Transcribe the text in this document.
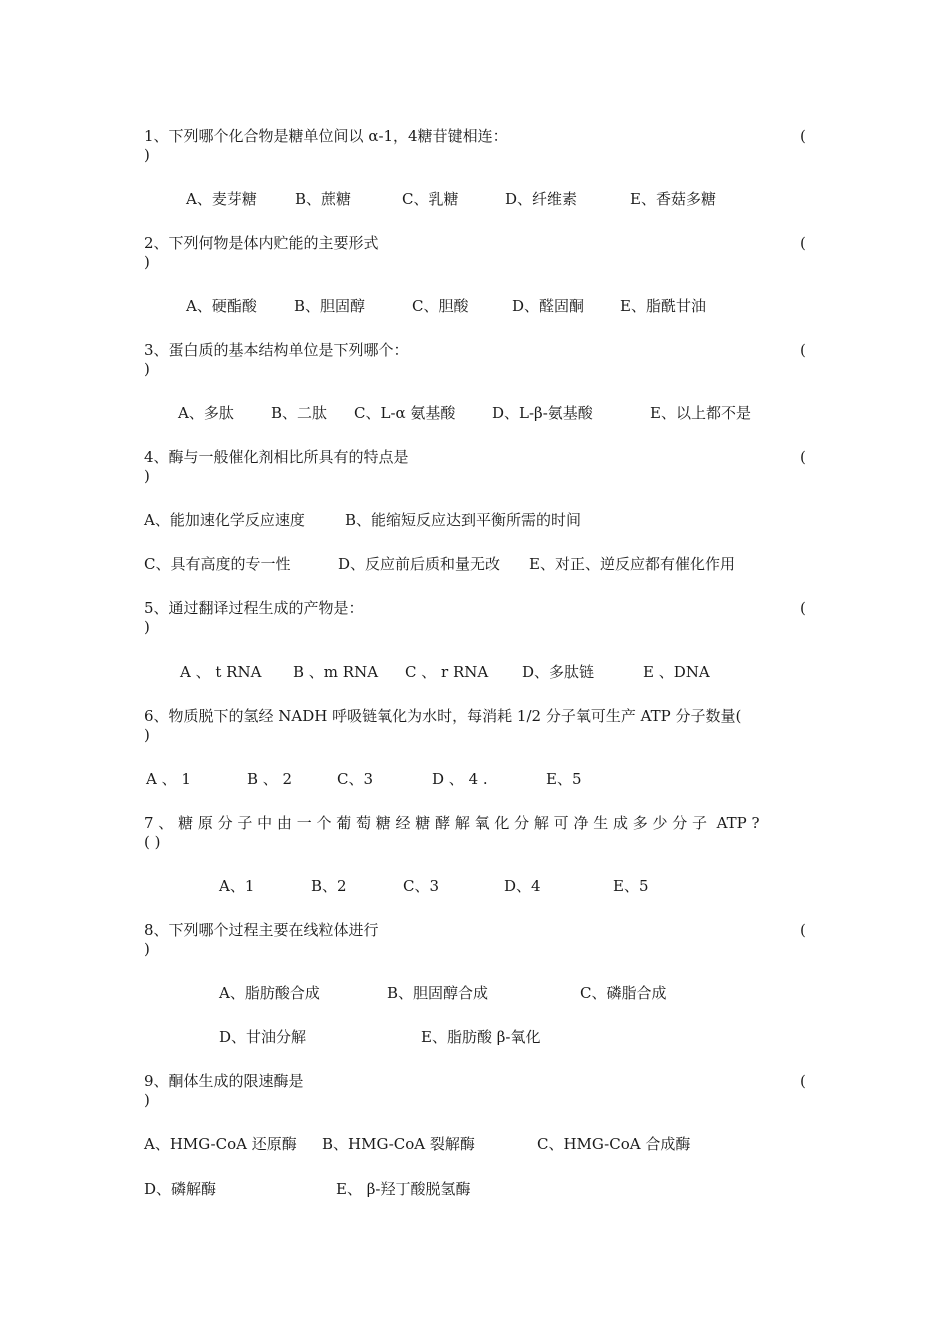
1、下列哪个化合物是糖单位间以 α-1，4糖苷键相连：	(
)
A、麦芽糖	B、蔗糖	C、乳糖	D、纤维素	E、香菇多糖
2、下列何物是体内贮能的主要形式	(
)
A、硬酯酸 B、胆固醇	C、胆酸	D、醛固酮 E、脂酰甘油
3、蛋白质的基本结构单位是下列哪个：	(
)
A、多肽 B、二肽 C、L-α 氨基酸 D、L-β-氨基酸	E、以上都不是
4、酶与一般催化剂相比所具有的特点是	(
)
A、能加速化学反应速度	B、能缩短反应达到平衡所需的时间
C、具有高度的专一性	D、反应前后质和量无改 E、对正、逆反应都有催化作用
5、通过翻译过程生成的产物是：	(
)
A 、 t RNA B 、m RNA C 、 r RNA D、多肽链	E 、DNA
6、物质脱下的氢经 NADH 呼吸链氧化为水时，每消耗 1/2 分子氧可生产 ATP 分子数量(
)
A 、 1	B 、 2	C、3	D 、 4 .	E、5
7 、 糖 原 分 子 中 由 一 个 葡 萄 糖 经 糖 酵 解 氧 化 分 解 可 净 生 成 多 少 分 子  ATP ?
( )
A、1	B、2	C、3	D、4	E、5
8、下列哪个过程主要在线粒体进行	(
)
A、脂肪酸合成	B、胆固醇合成	C、磷脂合成
D、甘油分解	E、脂肪酸 β-氧化
9、酮体生成的限速酶是	(
)
A、HMG-CoA 还原酶 B、HMG-CoA 裂解酶	C、HMG-CoA 合成酶
D、磷解酶	E、 β-羟丁酸脱氢酶
